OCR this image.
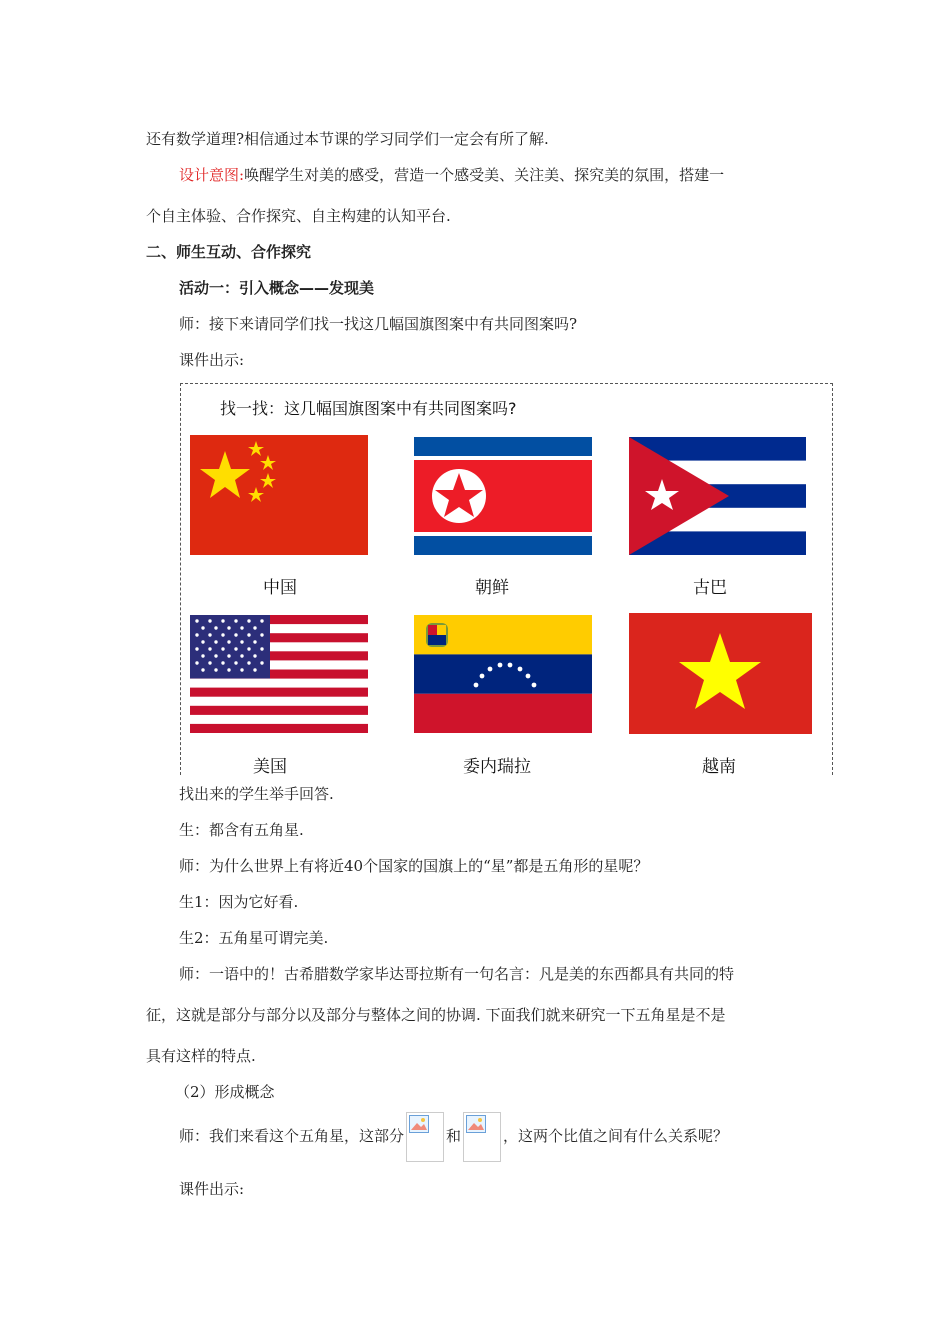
还有数学道理?相信通过本节课的学习同学们一定会有所了解.
设计意图:唤醒学生对美的感受，营造一个感受美、关注美、探究美的氛围，搭建一
个自主体验、合作探究、自主构建的认知平台.
二、师生互动、合作探究
活动一：引入概念——发现美
师：接下来请同学们找一找这几幅国旗图案中有共同图案吗?
课件出示:
找一找：这几幅国旗图案中有共同图案吗?
中国	朝鲜	古巴
美国	委内瑞拉	越南
找出来的学生举手回答.
生：都含有五角星.
师：为什么世界上有将近40个国家的国旗上的“星”都是五角形的星呢？
生1：因为它好看.
生2：五角星可谓完美.
师：一语中的！古希腊数学家毕达哥拉斯有一句名言：凡是美的东西都具有共同的特
征，这就是部分与部分以及部分与整体之间的协调. 下面我们就来研究一下五角星是不是
具有这样的特点.
（2）形成概念
师：我们来看这个五角星，这部分	和	，这两个比值之间有什么关系呢？
课件出示:
